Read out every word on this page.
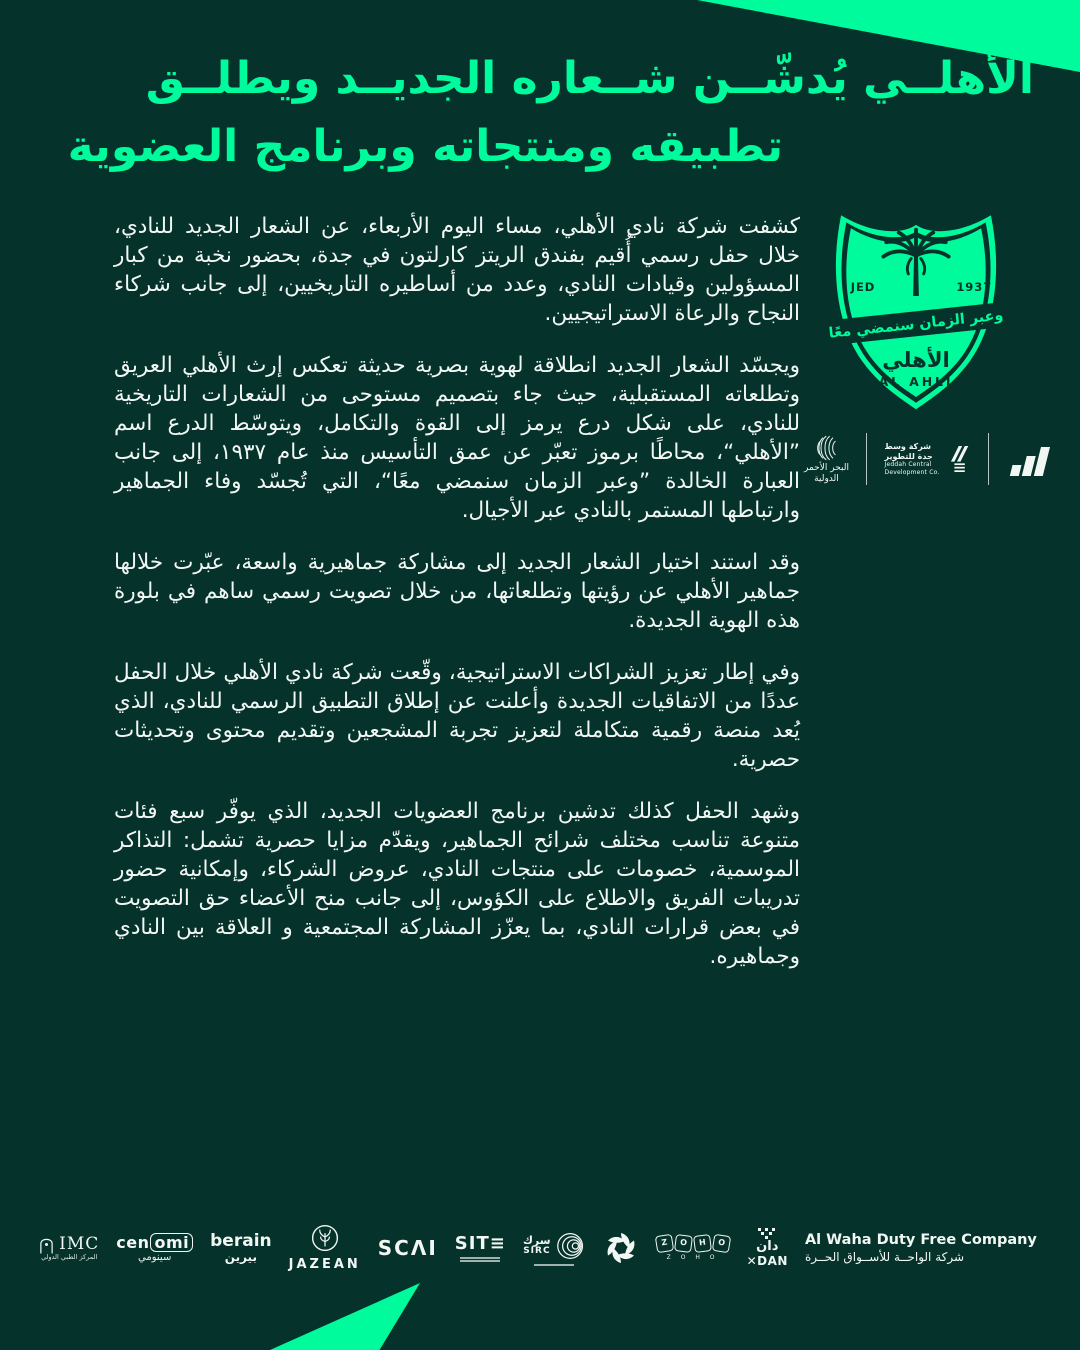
الأهلــي يُدشّــن شــعاره الجديــد ويطلــق
تطبيقه ومنتجاته وبرنامج العضوية
JED	1937
وعبر الزمان سنمضي معًا
الأهلي
AL AHLI
البحر الأحمر
الدولية
شركة وسط
جدة للتطوير
Jeddah Central
Development Co.

كشفت شركة نادي الأهلي، مساء اليوم الأربعاء، عن الشعار الجديد للنادي، خلال حفل رسمي أُقيم بفندق الريتز كارلتون في جدة، بحضور نخبة من كبار المسؤولين وقيادات النادي، وعدد من أساطيره التاريخيين، إلى جانب شركاء النجاح والرعاة الاستراتيجيين.

ويجسّد الشعار الجديد انطلاقة لهوية بصرية حديثة تعكس إرث الأهلي العريق وتطلعاته المستقبلية، حيث جاء بتصميم مستوحى من الشعارات التاريخية للنادي، على شكل درع يرمز إلى القوة والتكامل، ويتوسّط الدرع اسم ”الأهلي“، محاطًا برموز تعبّر عن عمق التأسيس منذ عام ١٩٣٧، إلى جانب العبارة الخالدة ”وعبر الزمان سنمضي معًا“، التي تُجسّد وفاء الجماهير وارتباطها المستمر بالنادي عبر الأجيال.

وقد استند اختيار الشعار الجديد إلى مشاركة جماهيرية واسعة، عبّرت خلالها جماهير الأهلي عن رؤيتها وتطلعاتها، من خلال تصويت رسمي ساهم في بلورة هذه الهوية الجديدة.

وفي إطار تعزيز الشراكات الاستراتيجية، وقّعت شركة نادي الأهلي خلال الحفل عددًا من الاتفاقيات الجديدة وأعلنت عن إطلاق التطبيق الرسمي للنادي، الذي يُعد منصة رقمية متكاملة لتعزيز تجربة المشجعين وتقديم محتوى وتحديثات حصرية.

وشهد الحفل كذلك تدشين برنامج العضويات الجديد، الذي يوفّر سبع فئات متنوعة تناسب مختلف شرائح الجماهير، ويقدّم مزايا حصرية تشمل: التذاكر الموسمية، خصومات على منتجات النادي، عروض الشركاء، وإمكانية حضور تدريبات الفريق والاطلاع على الكؤوس، إلى جانب منح الأعضاء حق التصويت في بعض قرارات النادي، بما يعزّز المشاركة المجتمعية و العلاقة بين النادي وجماهيره.

IMC
المركز الطبي الدولي
cen omi
سينومي
berain
بيرين
JAZEAN
SCΛI SIT≡ سرك
SIRC
Z	O	H	O
Z O H O
دان
✕DAN
Al Waha Duty Free Company
شركة الواحــة للأســواق الحــرة
